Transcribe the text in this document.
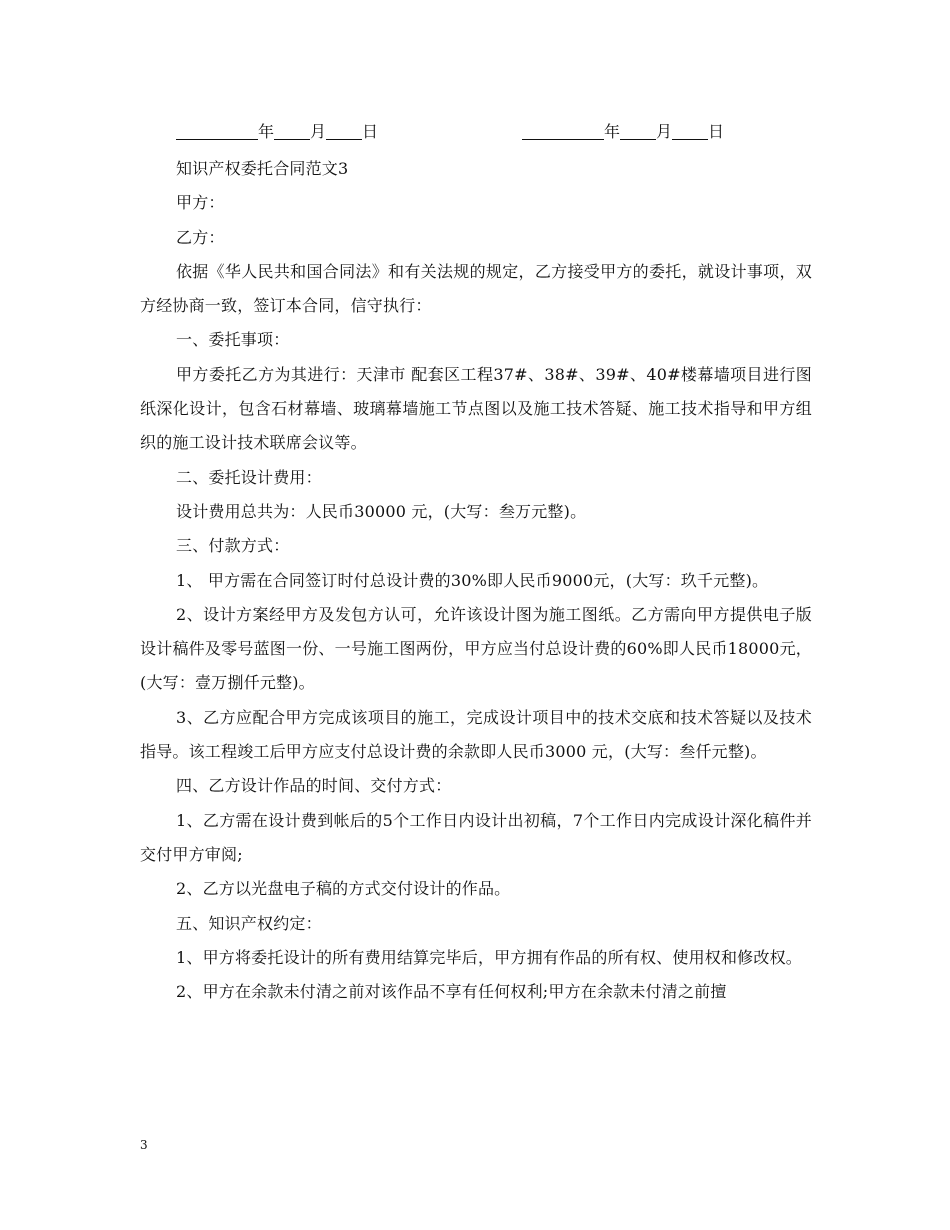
年 月 日	年 月 日

知识产权委托合同范文3

甲方：

乙方：

依据《华人民共和国合同法》和有关法规的规定，乙方接受甲方的委托，就设计事项，双方经协商一致，签订本合同，信守执行：

一、委托事项：

甲方委托乙方为其进行：天津市 配套区工程37#、38#、39#、40#楼幕墙项目进行图纸深化设计，包含石材幕墙、玻璃幕墙施工节点图以及施工技术答疑、施工技术指导和甲方组织的施工设计技术联席会议等。

二、委托设计费用：

设计费用总共为：人民币30000 元，(大写：叁万元整)。

三、付款方式：

1、 甲方需在合同签订时付总设计费的30%即人民币9000元，(大写：玖千元整)。

2、设计方案经甲方及发包方认可，允许该设计图为施工图纸。乙方需向甲方提供电子版设计稿件及零号蓝图一份、一号施工图两份，甲方应当付总设计费的60%即人民币18000元，(大写：壹万捌仟元整)。

3、乙方应配合甲方完成该项目的施工，完成设计项目中的技术交底和技术答疑以及技术指导。该工程竣工后甲方应支付总设计费的余款即人民币3000 元，(大写：叁仟元整)。

四、乙方设计作品的时间、交付方式：

1、乙方需在设计费到帐后的5个工作日内设计出初稿，7个工作日内完成设计深化稿件并交付甲方审阅;

2、乙方以光盘电子稿的方式交付设计的作品。

五、知识产权约定：

1、甲方将委托设计的所有费用结算完毕后，甲方拥有作品的所有权、使用权和修改权。

2、甲方在余款未付清之前对该作品不享有任何权利;甲方在余款未付清之前擅

3
